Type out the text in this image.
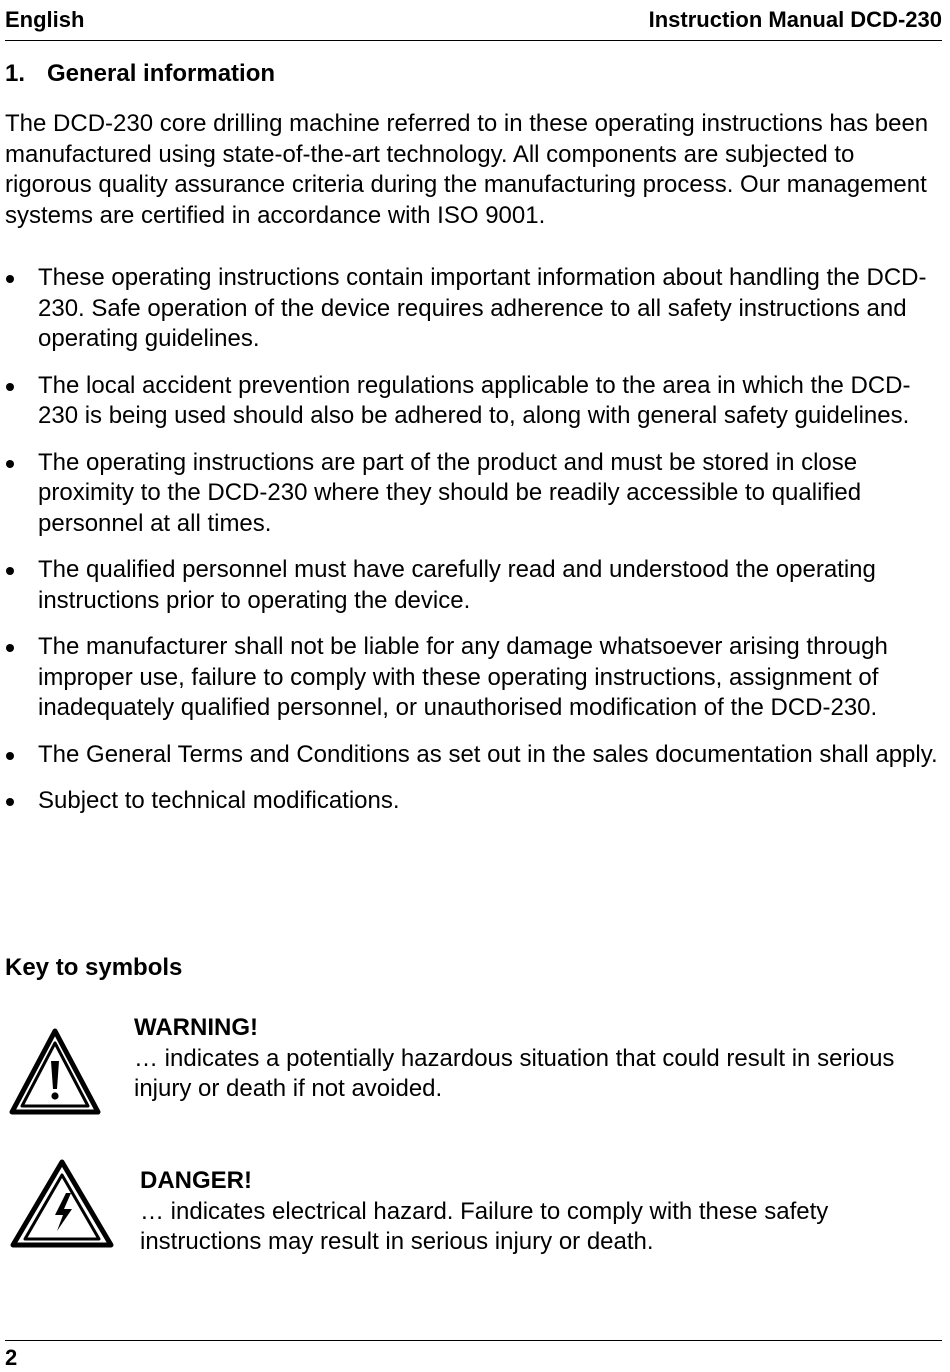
English	Instruction Manual DCD-230
1. General information

The DCD-230 core drilling machine referred to in these operating instructions has been manufactured using state-of-the-art technology. All components are subjected to rigorous quality assurance criteria during the manufacturing process. Our management systems are certified in accordance with ISO 9001.

These operating instructions contain important information about handling the DCD-230. Safe operation of the device requires adherence to all safety instructions and operating guidelines.
The local accident prevention regulations applicable to the area in which the DCD-230 is being used should also be adhered to, along with general safety guidelines.
The operating instructions are part of the product and must be stored in close proximity to the DCD-230 where they should be readily accessible to qualified personnel at all times.
The qualified personnel must have carefully read and understood the operating instructions prior to operating the device.
The manufacturer shall not be liable for any damage whatsoever arising through improper use, failure to comply with these operating instructions, assignment of inadequately qualified personnel, or unauthorised modification of the DCD-230.
The General Terms and Conditions as set out in the sales documentation shall apply.
Subject to technical modifications.
Key to symbols
WARNING!
… indicates a potentially hazardous situation that could result in serious injury or death if not avoided.
DANGER!
… indicates electrical hazard. Failure to comply with these safety instructions may result in serious injury or death.
2
